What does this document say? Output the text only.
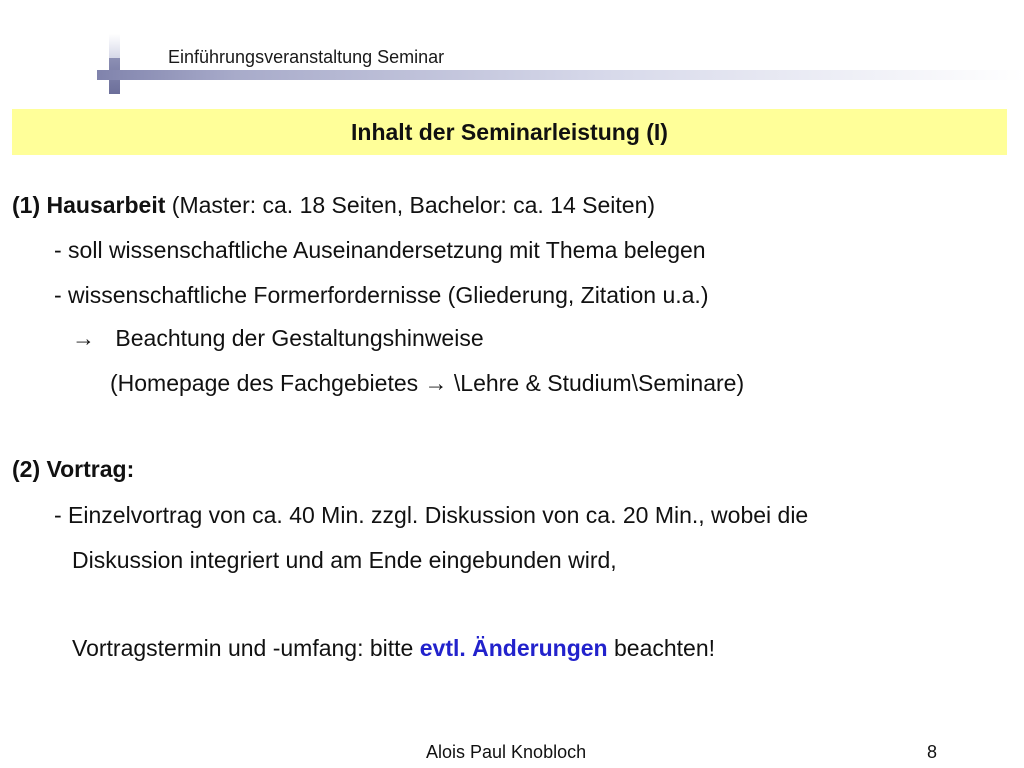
Einführungsveranstaltung Seminar
Inhalt der Seminarleistung (I)
(1) Hausarbeit (Master: ca. 18 Seiten, Bachelor: ca. 14 Seiten)
- soll wissenschaftliche Auseinandersetzung mit Thema belegen
- wissenschaftliche Formerfordernisse (Gliederung, Zitation u.a.)
→ Beachtung der Gestaltungshinweise
(Homepage des Fachgebietes → \Lehre & Studium\Seminare)
(2) Vortrag:
- Einzelvortrag von ca. 40 Min. zzgl. Diskussion von ca. 20 Min., wobei die
Diskussion integriert und am Ende eingebunden wird,
Vortragstermin und -umfang: bitte evtl. Änderungen beachten!
Alois Paul Knobloch	8
